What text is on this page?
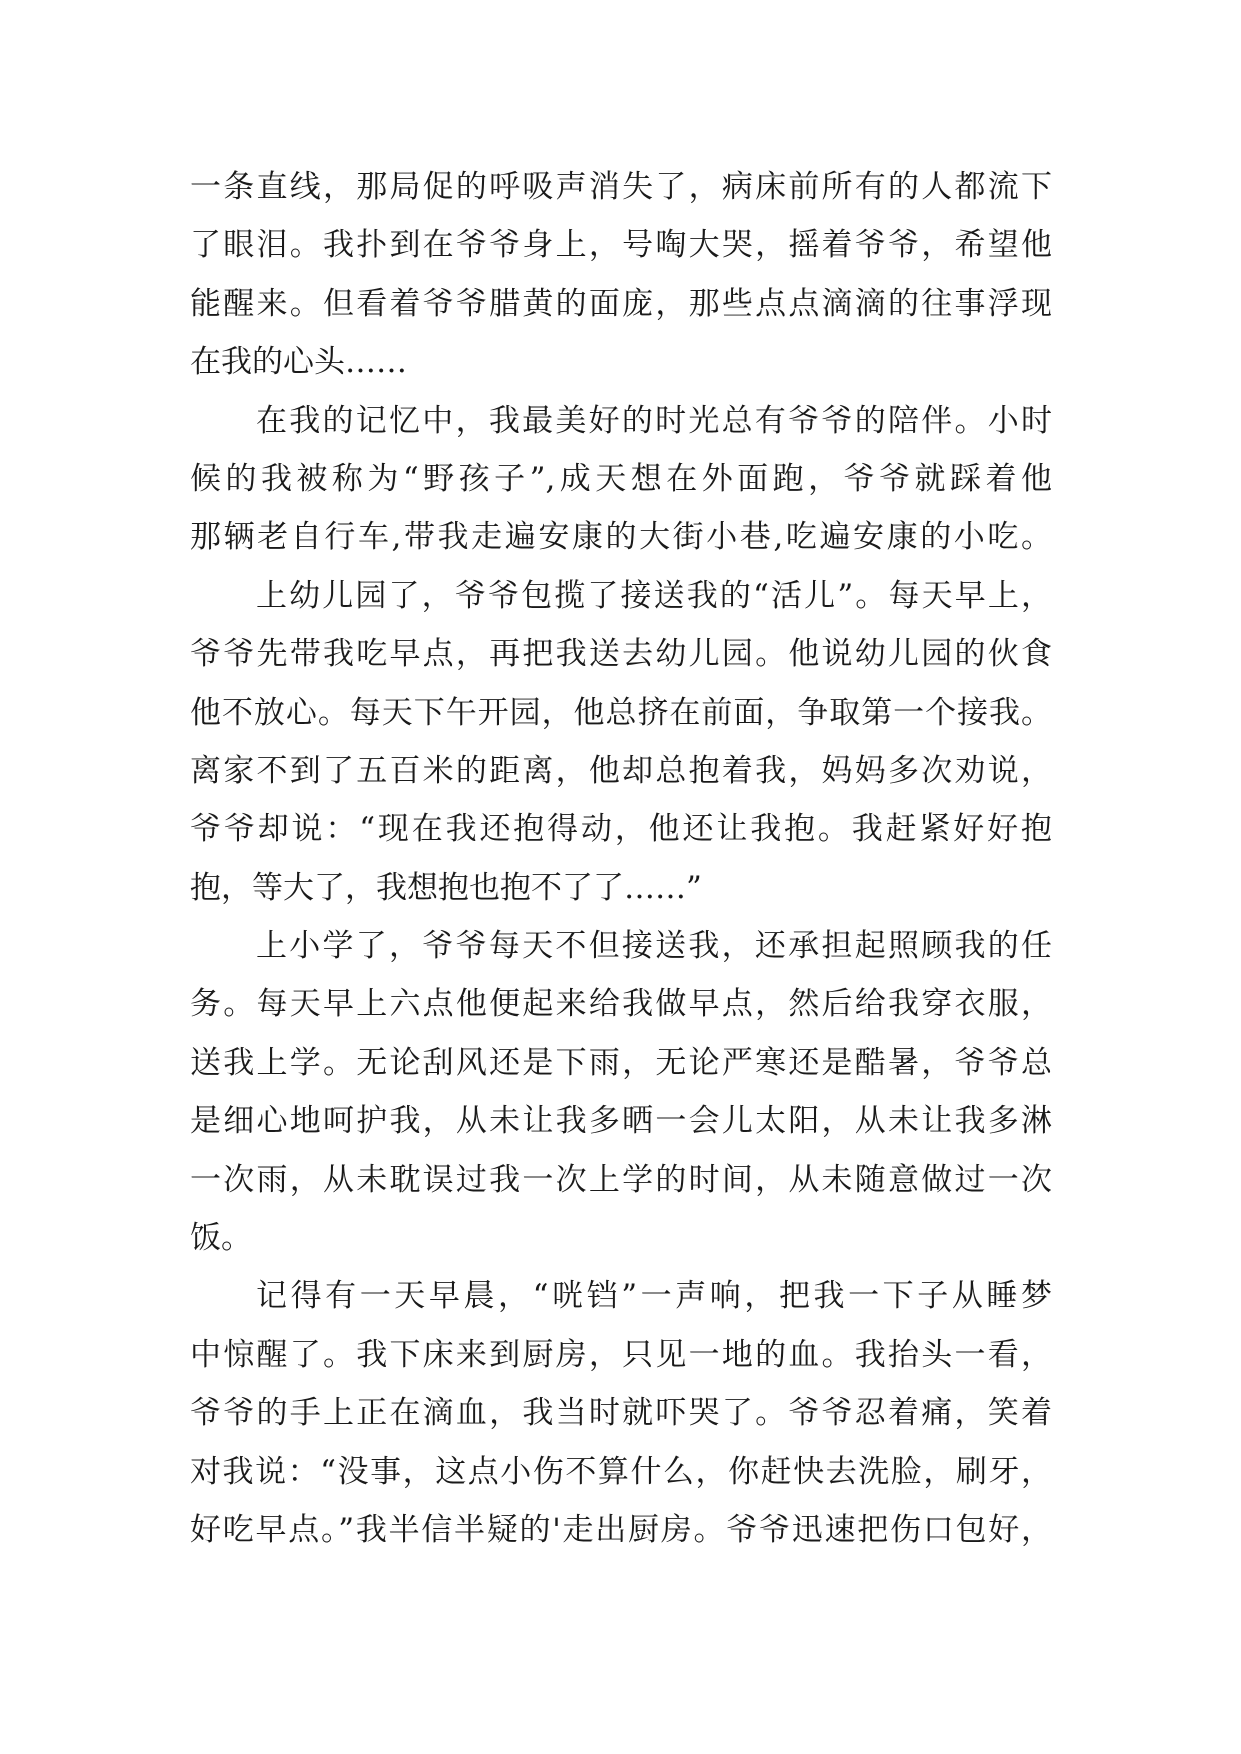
一条直线，那局促的呼吸声消失了，病床前所有的人都流下
了眼泪。我扑到在爷爷身上，号啕大哭，摇着爷爷，希望他
能醒来。但看着爷爷腊黄的面庞，那些点点滴滴的往事浮现
在我的心头……
在我的记忆中，我最美好的时光总有爷爷的陪伴。小时
候的我被称为“野孩子”,成天想在外面跑，爷爷就踩着他
那辆老自行车,带我走遍安康的大街小巷,吃遍安康的小吃。
上幼儿园了，爷爷包揽了接送我的“活儿”。每天早上，
爷爷先带我吃早点，再把我送去幼儿园。他说幼儿园的伙食
他不放心。每天下午开园，他总挤在前面，争取第一个接我。
离家不到了五百米的距离，他却总抱着我，妈妈多次劝说，
爷爷却说：“现在我还抱得动，他还让我抱。我赶紧好好抱
抱，等大了，我想抱也抱不了了……”
上小学了，爷爷每天不但接送我，还承担起照顾我的任
务。每天早上六点他便起来给我做早点，然后给我穿衣服，
送我上学。无论刮风还是下雨，无论严寒还是酷暑，爷爷总
是细心地呵护我，从未让我多晒一会儿太阳，从未让我多淋
一次雨，从未耽误过我一次上学的时间，从未随意做过一次
饭。
记得有一天早晨，“咣铛”一声响，把我一下子从睡梦
中惊醒了。我下床来到厨房，只见一地的血。我抬头一看，
爷爷的手上正在滴血，我当时就吓哭了。爷爷忍着痛，笑着
对我说：“没事，这点小伤不算什么，你赶快去洗脸，刷牙，
好吃早点。”我半信半疑的'走出厨房。爷爷迅速把伤口包好，
